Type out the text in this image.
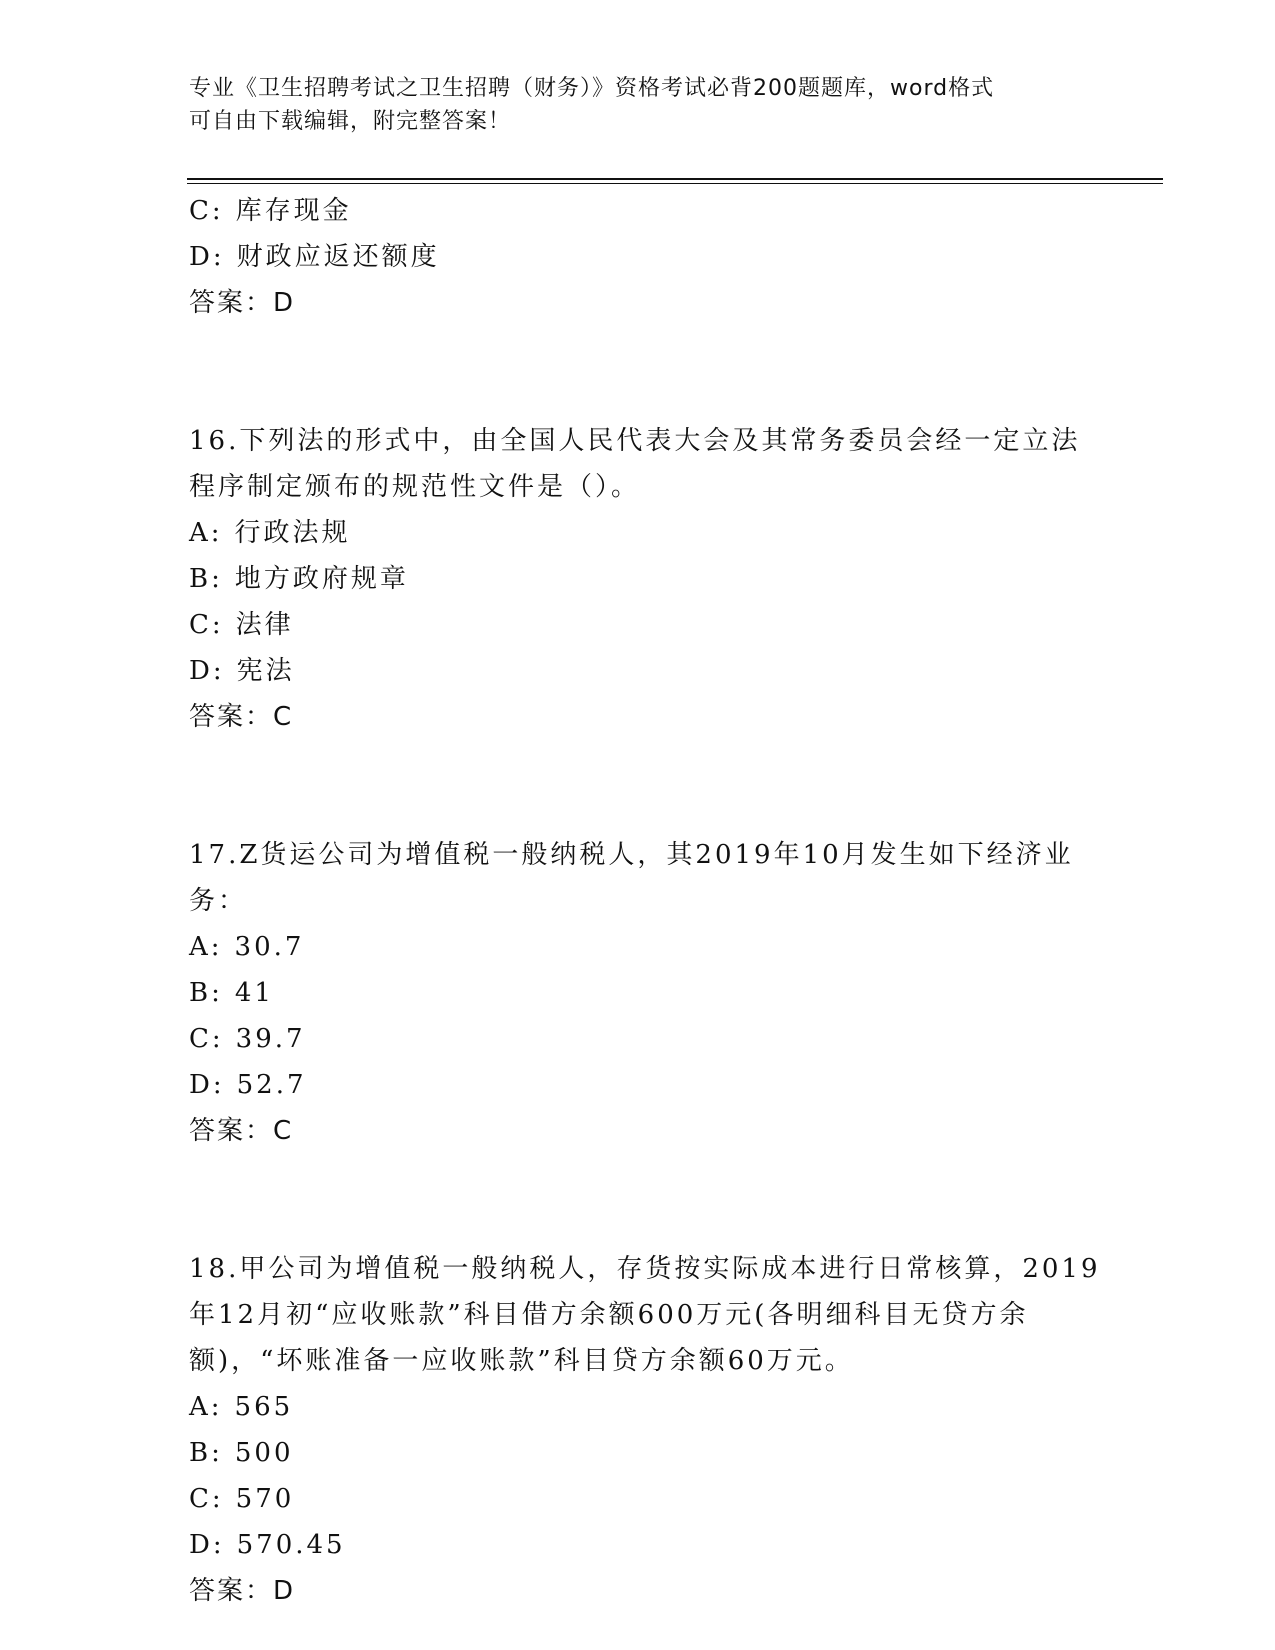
专业《卫生招聘考试之卫生招聘（财务）》资格考试必背200题题库，word格式
可自由下载编辑，附完整答案！
C: 库存现金
D: 财政应返还额度
答案：D
16.下列法的形式中，由全国人民代表大会及其常务委员会经一定立法
程序制定颁布的规范性文件是（）。
A: 行政法规
B: 地方政府规章
C: 法律
D: 宪法
答案：C
17.Z货运公司为增值税一般纳税人，其2019年10月发生如下经济业
务：
A: 30.7
B: 41
C: 39.7
D: 52.7
答案：C
18.甲公司为增值税一般纳税人，存货按实际成本进行日常核算，2019
年12月初“应收账款”科目借方余额600万元(各明细科目无贷方余
额)，“坏账准备一应收账款”科目贷方余额60万元。
A: 565
B: 500
C: 570
D: 570.45
答案：D
